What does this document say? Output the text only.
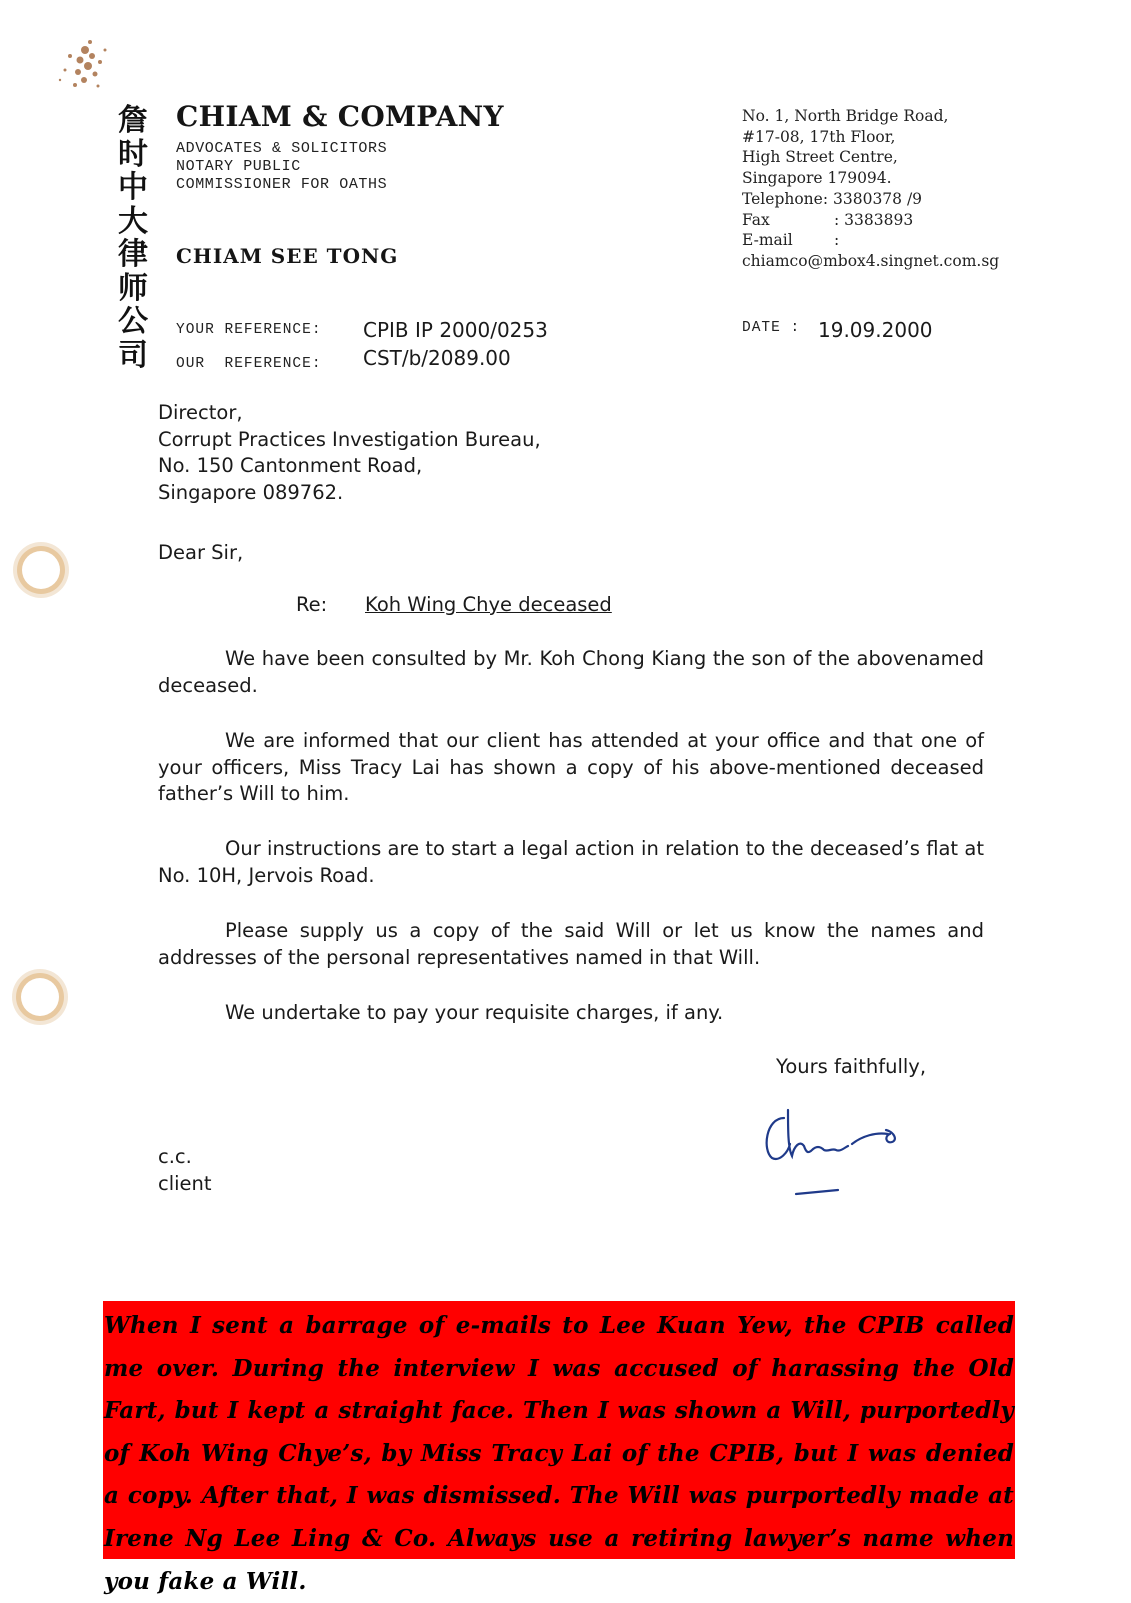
詹
时
中
大
律
师
公
司
CHIAM & COMPANY
ADVOCATES & SOLICITORS
NOTARY PUBLIC
COMMISSIONER FOR OATHS
CHIAM SEE TONG
No. 1, North Bridge Road,
#17-08, 17th Floor,
High Street Centre,
Singapore 179094.
Telephone: 3380378 /9
Fax	: 3383893
E-mail	:
chiamco@mbox4.singnet.com.sg
YOUR REFERENCE: CPIB IP 2000/0253
OUR  REFERENCE: CST/b/2089.00
DATE : 19.09.2000
Director,
Corrupt Practices Investigation Bureau,
No. 150 Cantonment Road,
Singapore 089762.
Dear Sir,
Re: Koh Wing Chye deceased
We have been consulted by Mr. Koh Chong Kiang the son of the abovenamed deceased.
We are informed that our client has attended at your office and that one of your officers, Miss Tracy Lai has shown a copy of his above-mentioned deceased father’s Will to him.
Our instructions are to start a legal action in relation to the deceased’s flat at No. 10H, Jervois Road.
Please supply us a copy of the said Will or let us know the names and addresses of the personal representatives named in that Will.
We undertake to pay your requisite charges, if any.
Yours faithfully,
c.c.
client
When I sent a barrage of e-mails to Lee Kuan Yew, the CPIB called me over. During the interview I was accused of harassing the Old Fart, but I kept a straight face. Then I was shown a Will, purportedly of Koh Wing Chye’s, by Miss Tracy Lai of the CPIB, but I was denied a copy. After that, I was dismissed. The Will was purportedly made at Irene Ng Lee Ling & Co. Always use a retiring lawyer’s name when you fake a Will.
